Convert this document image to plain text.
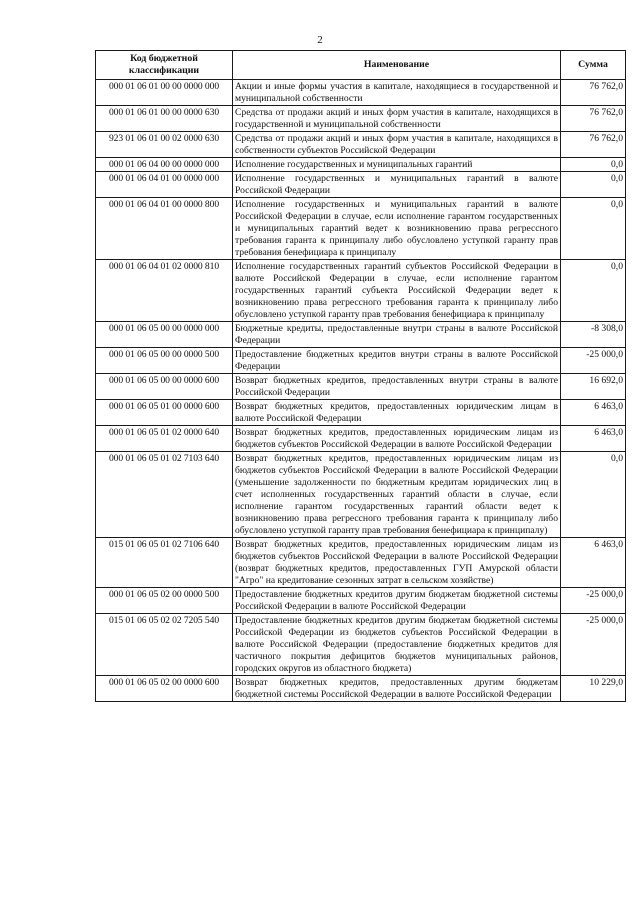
2
Код бюджетной классификации	Наименование	Сумма
000 01 06 01 00 00 0000 000	Акции и иные формы участия в капитале, находящиеся в государственной и муниципальной собственности	76 762,0
000 01 06 01 00 00 0000 630	Средства от продажи акций и иных форм участия в капитале, находящихся в государственной и муниципальной собственности	76 762,0
923 01 06 01 00 02 0000 630	Средства от продажи акций и иных форм участия в капитале, находящихся в собственности субъектов Российской Федерации	76 762,0
000 01 06 04 00 00 0000 000	Исполнение государственных и муниципальных гарантий	0,0
000 01 06 04 01 00 0000 000	Исполнение государственных и муниципальных гарантий в валюте Российской Федерации	0,0
000 01 06 04 01 00 0000 800	Исполнение государственных и муниципальных гарантий в валюте Российской Федерации в случае, если исполнение гарантом государственных и муниципальных гарантий ведет к возникновению права регрессного требования гаранта к принципалу либо обусловлено уступкой гаранту прав требования бенефициара к принципалу	0,0
000 01 06 04 01 02 0000 810	Исполнение государственных гарантий субъектов Российской Федерации в валюте Российской Федерации в случае, если исполнение гарантом государственных гарантий субъекта Российской Федерации ведет к возникновению права регрессного требования гаранта к принципалу либо обусловлено уступкой гаранту прав требования бенефициара к принципалу	0,0
000 01 06 05 00 00 0000 000	Бюджетные кредиты, предоставленные внутри страны в валюте Российской Федерации	-8 308,0
000 01 06 05 00 00 0000 500	Предоставление бюджетных кредитов внутри страны в валюте Российской Федерации	-25 000,0
000 01 06 05 00 00 0000 600	Возврат бюджетных кредитов, предоставленных внутри страны в валюте Российской Федерации	16 692,0
000 01 06 05 01 00 0000 600	Возврат бюджетных кредитов, предоставленных юридическим лицам в валюте Российской Федерации	6 463,0
000 01 06 05 01 02 0000 640	Возврат бюджетных кредитов, предоставленных юридическим лицам из бюджетов субъектов Российской Федерации в валюте Российской Федерации	6 463,0
000 01 06 05 01 02 7103 640	Возврат бюджетных кредитов, предоставленных юридическим лицам из бюджетов субъектов Российской Федерации в валюте Российской Федерации (уменьшение задолженности по бюджетным кредитам юридических лиц в счет исполненных государственных гарантий области в случае, если исполнение гарантом государственных гарантий области ведет к возникновению права регрессного требования гаранта к принципалу либо обусловлено уступкой гаранту прав требования бенефициара к принципалу)	0,0
015 01 06 05 01 02 7106 640	Возврат бюджетных кредитов, предоставленных юридическим лицам из бюджетов субъектов Российской Федерации в валюте Российской Федерации (возврат бюджетных кредитов, предоставленных ГУП Амурской области "Агро" на кредитование сезонных затрат в сельском хозяйстве)	6 463,0
000 01 06 05 02 00 0000 500	Предоставление бюджетных кредитов другим бюджетам бюджетной системы Российской Федерации в валюте Российской Федерации	-25 000,0
015 01 06 05 02 02 7205 540	Предоставление бюджетных кредитов другим бюджетам бюджетной системы Российской Федерации из бюджетов субъектов Российской Федерации в валюте Российской Федерации (предоставление бюджетных кредитов для частичного покрытия дефицитов бюджетов муниципальных районов, городских округов из областного бюджета)	-25 000,0
000 01 06 05 02 00 0000 600	Возврат бюджетных кредитов, предоставленных другим бюджетам бюджетной системы Российской Федерации в валюте Российской Федерации	10 229,0
